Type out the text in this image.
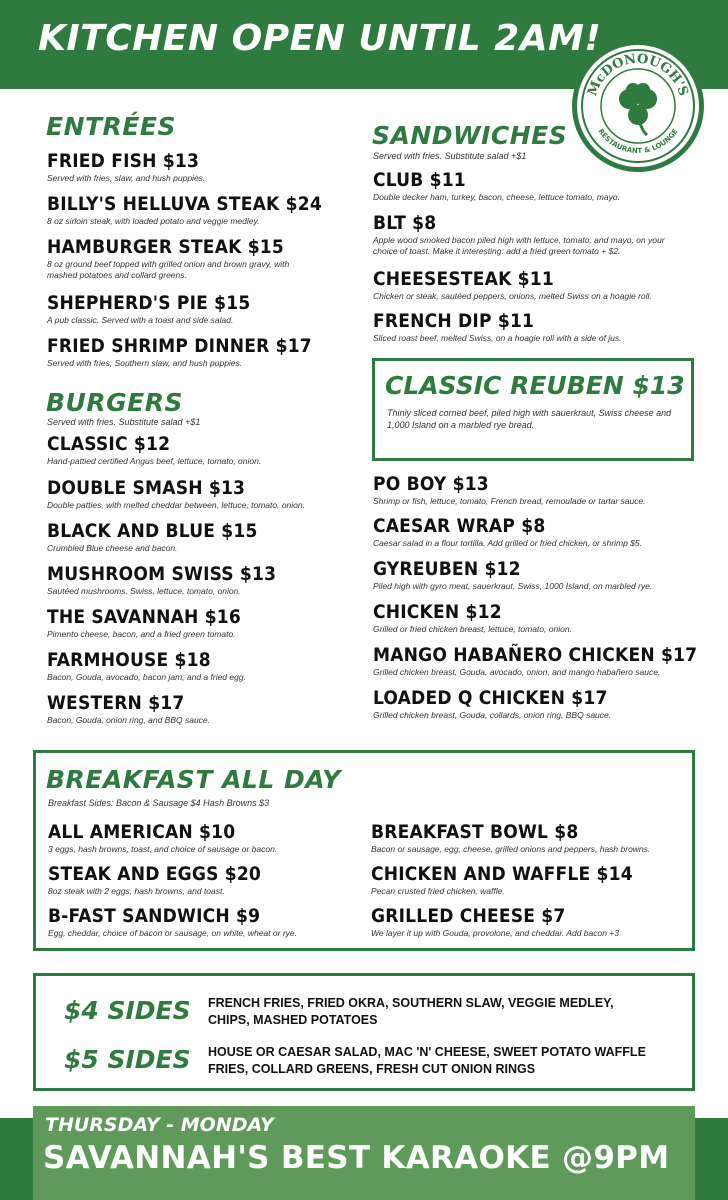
KITCHEN OPEN UNTIL 2AM!
McDONOUGH'S
RESTAURANT & LOUNGE
ENTRÉES
FRIED FISH $13
Served with fries, slaw, and hush puppies.
BILLY'S HELLUVA STEAK $24
8 oz sirloin steak, with loaded potato and veggie medley.
HAMBURGER STEAK $15
8 oz ground beef topped with grilled onion and brown gravy, with mashed potatoes and collard greens.
SHEPHERD'S PIE $15
A pub classic. Served with a toast and side salad.
FRIED SHRIMP DINNER $17
Served with fries, Southern slaw, and hush puppies.
BURGERS
Served with fries. Substitute salad +$1
CLASSIC $12
Hand-pattied certified Angus beef, lettuce, tomato, onion.
DOUBLE SMASH $13
Double patties, with melted cheddar between, lettuce, tomato, onion.
BLACK AND BLUE $15
Crumbled Blue cheese and bacon.
MUSHROOM SWISS $13
Sautéed mushrooms, Swiss, lettuce, tomato, onion.
THE SAVANNAH $16
Pimento cheese, bacon, and a fried green tomato.
FARMHOUSE $18
Bacon, Gouda, avocado, bacon jam, and a fried egg.
WESTERN $17
Bacon, Gouda, onion ring, and BBQ sauce.
SANDWICHES
Served with fries. Substitute salad +$1
CLUB $11
Double decker ham, turkey, bacon, cheese, lettuce tomato, mayo.
BLT $8
Apple wood smoked bacon piled high with lettuce, tomato, and mayo, on your choice of toast. Make it interesting: add a fried green tomato + $2.
CHEESESTEAK $11
Chicken or steak, sautéed peppers, onions, melted Swiss on a hoagie roll.
FRENCH DIP $11
Sliced roast beef, melted Swiss, on a hoagie roll with a side of jus.
CLASSIC REUBEN $13
Thinly sliced corned beef, piled high with sauerkraut, Swiss cheese and 1,000 Island on a marbled rye bread.
PO BOY $13
Shrimp or fish, lettuce, tomato, French bread, remoulade or tartar sauce.
CAESAR WRAP $8
Caesar salad in a flour tortilla. Add grilled or fried chicken, or shrimp $5.
GYREUBEN $12
Piled high with gyro meat, sauerkraut, Swiss, 1000 Island, on marbled rye.
CHICKEN $12
Grilled or fried chicken breast, lettuce, tomato, onion.
MANGO HABAÑERO CHICKEN $17
Grilled chicken breast, Gouda, avocado, onion, and mango habañero sauce.
LOADED Q CHICKEN $17
Grilled chicken breast, Gouda, collards, onion ring, BBQ sauce.
BREAKFAST ALL DAY
Breakfast Sides: Bacon & Sausage $4 Hash Browns $3
ALL AMERICAN $10
3 eggs, hash browns, toast, and choice of sausage or bacon.
STEAK AND EGGS $20
8oz steak with 2 eggs, hash browns, and toast.
B-FAST SANDWICH $9
Egg, cheddar, choice of bacon or sausage, on white, wheat or rye.
BREAKFAST BOWL $8
Bacon or sausage, egg, cheese, grilled onions and peppers, hash browns.
CHICKEN AND WAFFLE $14
Pecan crusted fried chicken, waffle.
GRILLED CHEESE $7
We layer it up with Gouda, provolone, and cheddar. Add bacon +3
$4 SIDES FRENCH FRIES, FRIED OKRA, SOUTHERN SLAW, VEGGIE MEDLEY, CHIPS, MASHED POTATOES
$5 SIDES HOUSE OR CAESAR SALAD, MAC 'N' CHEESE, SWEET POTATO WAFFLE FRIES, COLLARD GREENS, FRESH CUT ONION RINGS
THURSDAY - MONDAY
SAVANNAH'S BEST KARAOKE @9PM
